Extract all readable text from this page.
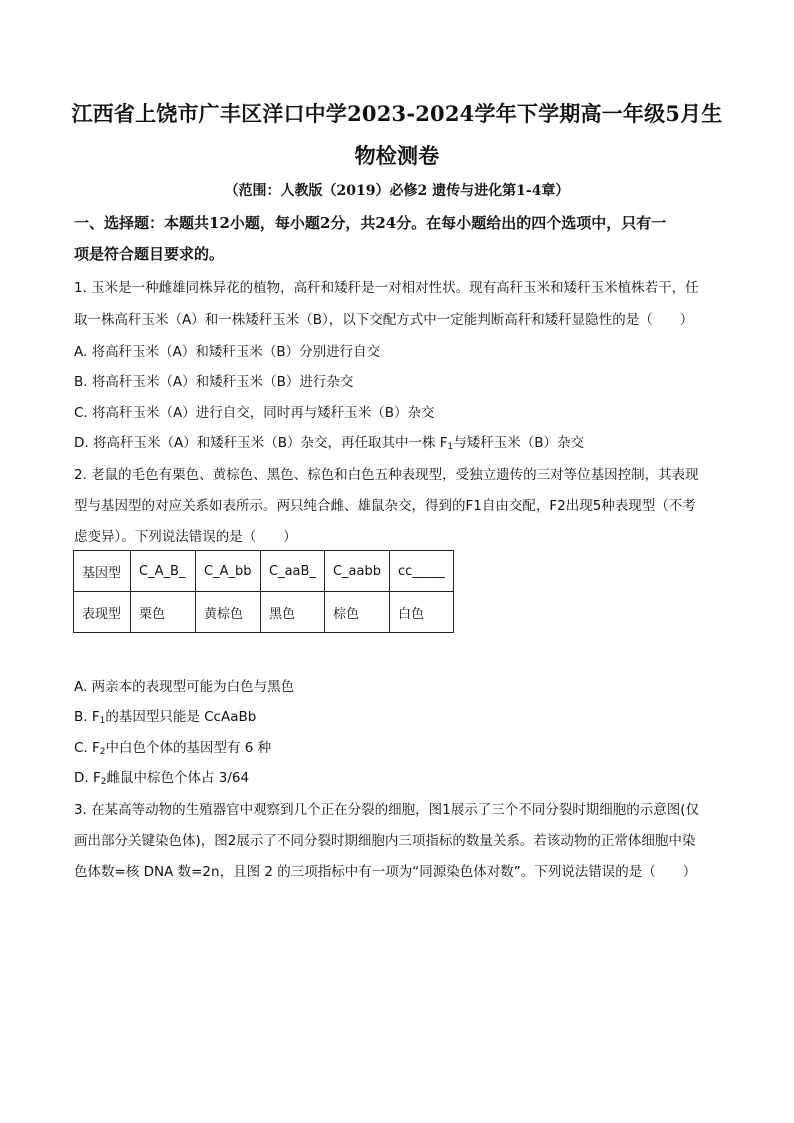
江西省上饶市广丰区洋口中学2023-2024学年下学期高一年级5月生
物检测卷
（范围：人教版（2019）必修2 遗传与进化第1-4章）
一、选择题：本题共12小题，每小题2分，共24分。在每小题给出的四个选项中，只有一
项是符合题目要求的。
1. 玉米是一种雌雄同株异花的植物，高秆和矮秆是一对相对性状。现有高秆玉米和矮秆玉米植株若干，任
取一株高秆玉米（A）和一株矮秆玉米（B），以下交配方式中一定能判断高秆和矮秆显隐性的是（　　）
A. 将高秆玉米（A）和矮秆玉米（B）分别进行自交
B. 将高秆玉米（A）和矮秆玉米（B）进行杂交
C. 将高秆玉米（A）进行自交，同时再与矮秆玉米（B）杂交
D. 将高秆玉米（A）和矮秆玉米（B）杂交，再任取其中一株 $F_1$与矮秆玉米（B）杂交
2. 老鼠的毛色有栗色、黄棕色、黑色、棕色和白色五种表现型，受独立遗传的三对等位基因控制，其表现
型与基因型的对应关系如表所示。两只纯合雌、雄鼠杂交，得到的F1自由交配，F2出现5种表现型（不考
虑变异）。下列说法错误的是（　　）
基因型	C_A_B_	C_A_bb	C_aaB_	C_aabb	cc_____
表现型	栗色	黄棕色	黑色	棕色	白色
A. 两亲本的表现型可能为白色与黑色
B. $F_1$的基因型只能是 CcAaBb
C. $F_2$中白色个体的基因型有 6 种
D. $F_2$雌鼠中棕色个体占 3/64
3. 在某高等动物的生殖器官中观察到几个正在分裂的细胞，图1展示了三个不同分裂时期细胞的示意图(仅
画出部分关键染色体)，图2展示了不同分裂时期细胞内三项指标的数量关系。若该动物的正常体细胞中染
色体数=核 DNA 数=2n，且图 2 的三项指标中有一项为“同源染色体对数”。下列说法错误的是（　　）
